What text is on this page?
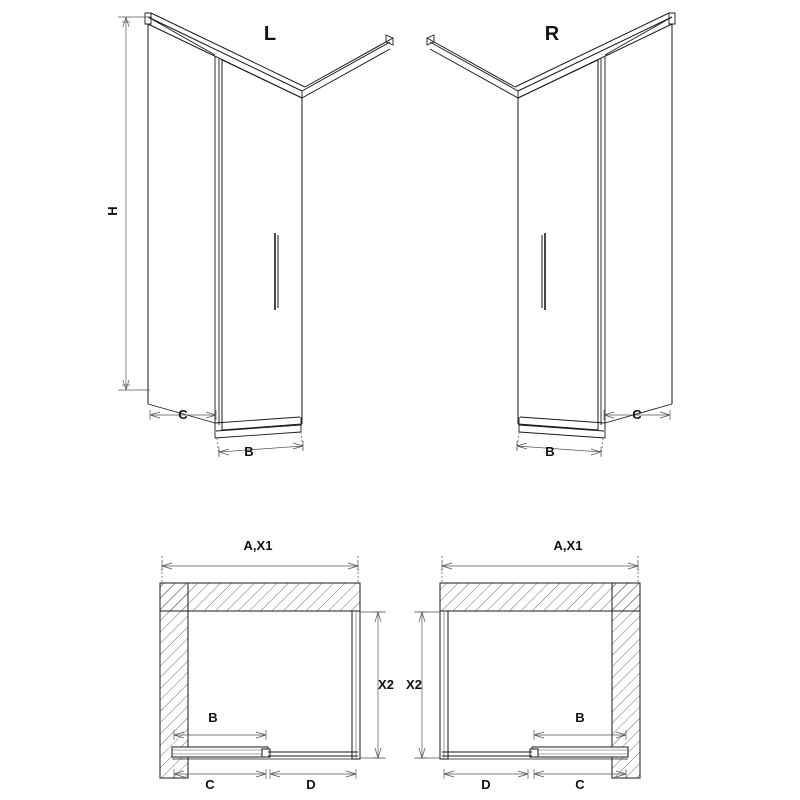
L	R
H
C
B
C
B
A,X1
X2
B
C	D
A,X1
X2
B
D	C
